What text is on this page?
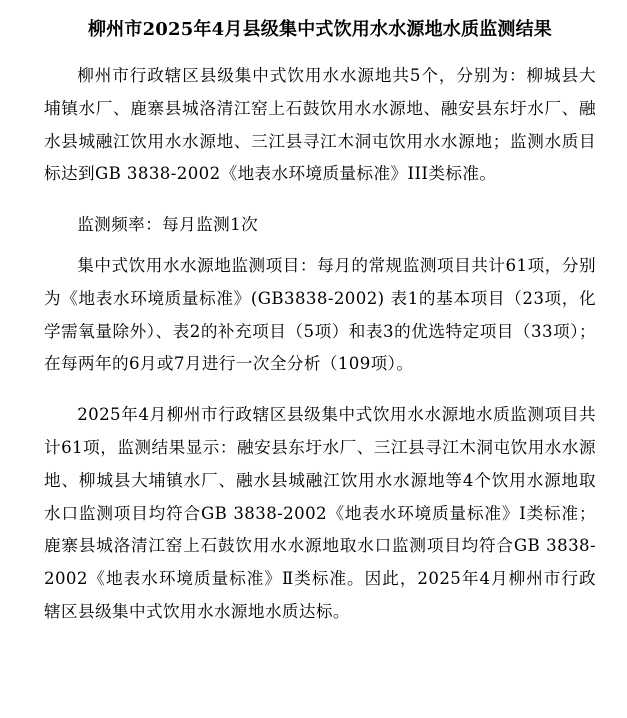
柳州市2025年4月县级集中式饮用水水源地水质监测结果

柳州市行政辖区县级集中式饮用水水源地共5个，分别为：柳城县大埔镇水厂、鹿寨县城洛清江窑上石鼓饮用水水源地、融安县东圩水厂、融水县城融江饮用水水源地、三江县寻江木洞屯饮用水水源地；监测水质目标达到GB 3838-2002《地表水环境质量标准》III类标准。

监测频率：每月监测1次

集中式饮用水水源地监测项目：每月的常规监测项目共计61项，分别为《地表水环境质量标准》(GB3838-2002) 表1的基本项目（23项，化学需氧量除外）、表2的补充项目（5项）和表3的优选特定项目（33项）；在每两年的6月或7月进行一次全分析（109项）。

2025年4月柳州市行政辖区县级集中式饮用水水源地水质监测项目共计61项，监测结果显示：融安县东圩水厂、三江县寻江木洞屯饮用水水源地、柳城县大埔镇水厂、融水县城融江饮用水水源地等4个饮用水源地取水口监测项目均符合GB 3838-2002《地表水环境质量标准》Ⅰ类标准；鹿寨县城洛清江窑上石鼓饮用水水源地取水口监测项目均符合GB 3838-2002《地表水环境质量标准》Ⅱ类标准。因此，2025年4月柳州市行政辖区县级集中式饮用水水源地水质达标。
